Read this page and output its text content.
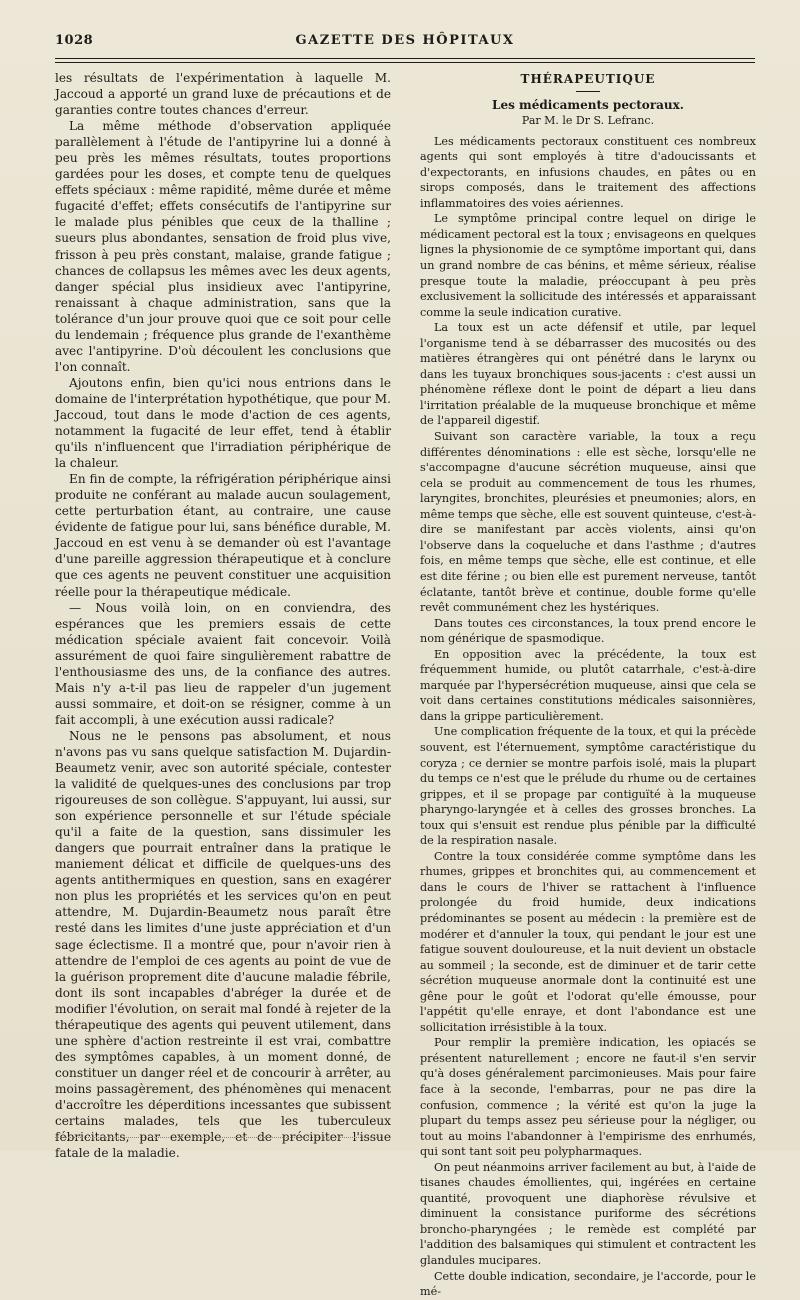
1028	GAZETTE DES HÔPITAUX

les résultats de l'expérimentation à laquelle M. Jaccoud a apporté un grand luxe de précautions et de garanties contre toutes chances d'erreur.

La même méthode d'observation appliquée parallèlement à l'étude de l'antipyrine lui a donné à peu près les mêmes résultats, toutes proportions gardées pour les doses, et compte tenu de quelques effets spéciaux : même rapidité, même durée et même fugacité d'effet; effets consécutifs de l'antipyrine sur le malade plus pénibles que ceux de la thalline ; sueurs plus abondantes, sensation de froid plus vive, frisson à peu près constant, malaise, grande fatigue ; chances de collapsus les mêmes avec les deux agents, danger spécial plus insidieux avec l'antipyrine, renaissant à chaque administration, sans que la tolérance d'un jour prouve quoi que ce soit pour celle du lendemain ; fréquence plus grande de l'exanthème avec l'antipyrine. D'où découlent les conclusions que l'on connaît.

Ajoutons enfin, bien qu'ici nous entrions dans le domaine de l'interprétation hypothétique, que pour M. Jaccoud, tout dans le mode d'action de ces agents, notamment la fugacité de leur effet, tend à établir qu'ils n'influencent que l'irradiation périphérique de la chaleur.

En fin de compte, la réfrigération périphérique ainsi produite ne conférant au malade aucun soulagement, cette perturbation étant, au contraire, une cause évidente de fatigue pour lui, sans bénéfice durable, M. Jaccoud en est venu à se demander où est l'avantage d'une pareille aggression thérapeutique et à conclure que ces agents ne peuvent constituer une acquisition réelle pour la thérapeutique médicale.

— Nous voilà loin, on en conviendra, des espérances que les premiers essais de cette médication spéciale avaient fait concevoir. Voilà assurément de quoi faire singulièrement rabattre de l'enthousiasme des uns, de la confiance des autres. Mais n'y a-t-il pas lieu de rappeler d'un jugement aussi sommaire, et doit-on se résigner, comme à un fait accompli, à une exécution aussi radicale?

Nous ne le pensons pas absolument, et nous n'avons pas vu sans quelque satisfaction M. Dujardin-Beaumetz venir, avec son autorité spéciale, contester la validité de quelques-unes des conclusions par trop rigoureuses de son collègue. S'appuyant, lui aussi, sur son expérience personnelle et sur l'étude spéciale qu'il a faite de la question, sans dissimuler les dangers que pourrait entraîner dans la pratique le maniement délicat et difficile de quelques-uns des agents antithermiques en question, sans en exagérer non plus les propriétés et les services qu'on en peut attendre, M. Dujardin-Beaumetz nous paraît être resté dans les limites d'une juste appréciation et d'un sage éclectisme. Il a montré que, pour n'avoir rien à attendre de l'emploi de ces agents au point de vue de la guérison proprement dite d'aucune maladie fébrile, dont ils sont incapables d'abréger la durée et de modifier l'évolution, on serait mal fondé à rejeter de la thérapeutique des agents qui peuvent utilement, dans une sphère d'action restreinte il est vrai, combattre des symptômes capables, à un moment donné, de constituer un danger réel et de concourir à arrêter, au moins passagèrement, des phénomènes qui menacent d'accroître les déperditions incessantes que subissent certains malades, tels que les tuberculeux fébricitants, par exemple, et de précipiter l'issue fatale de la maladie.

THÉRAPEUTIQUE
Les médicaments pectoraux.
Par M. le Dr S. Lefranc.

Les médicaments pectoraux constituent ces nombreux agents qui sont employés à titre d'adoucissants et d'expectorants, en infusions chaudes, en pâtes ou en sirops composés, dans le traitement des affections inflammatoires des voies aériennes.

Le symptôme principal contre lequel on dirige le médicament pectoral est la toux ; envisageons en quelques lignes la physionomie de ce symptôme important qui, dans un grand nombre de cas bénins, et même sérieux, réalise presque toute la maladie, préoccupant à peu près exclusivement la sollicitude des intéressés et apparaissant comme la seule indication curative.

La toux est un acte défensif et utile, par lequel l'organisme tend à se débarrasser des mucosités ou des matières étrangères qui ont pénétré dans le larynx ou dans les tuyaux bronchiques sous-jacents : c'est aussi un phénomène réflexe dont le point de départ a lieu dans l'irritation préalable de la muqueuse bronchique et même de l'appareil digestif.

Suivant son caractère variable, la toux a reçu différentes dénominations : elle est sèche, lorsqu'elle ne s'accompagne d'aucune sécrétion muqueuse, ainsi que cela se produit au commencement de tous les rhumes, laryngites, bronchites, pleurésies et pneumonies; alors, en même temps que sèche, elle est souvent quinteuse, c'est-à-dire se manifestant par accès violents, ainsi qu'on l'observe dans la coqueluche et dans l'asthme ; d'autres fois, en même temps que sèche, elle est continue, et elle est dite férine ; ou bien elle est purement nerveuse, tantôt éclatante, tantôt brève et continue, double forme qu'elle revêt communément chez les hystériques.

Dans toutes ces circonstances, la toux prend encore le nom générique de spasmodique.

En opposition avec la précédente, la toux est fréquemment humide, ou plutôt catarrhale, c'est-à-dire marquée par l'hypersécrétion muqueuse, ainsi que cela se voit dans certaines constitutions médicales saisonnières, dans la grippe particulièrement.

Une complication fréquente de la toux, et qui la précède souvent, est l'éternuement, symptôme caractéristique du coryza ; ce dernier se montre parfois isolé, mais la plupart du temps ce n'est que le prélude du rhume ou de certaines grippes, et il se propage par contiguïté à la muqueuse pharyngo-laryngée et à celles des grosses bronches. La toux qui s'ensuit est rendue plus pénible par la difficulté de la respiration nasale.

Contre la toux considérée comme symptôme dans les rhumes, grippes et bronchites qui, au commencement et dans le cours de l'hiver se rattachent à l'influence prolongée du froid humide, deux indications prédominantes se posent au médecin : la première est de modérer et d'annuler la toux, qui pendant le jour est une fatigue souvent douloureuse, et la nuit devient un obstacle au sommeil ; la seconde, est de diminuer et de tarir cette sécrétion muqueuse anormale dont la continuité est une gêne pour le goût et l'odorat qu'elle émousse, pour l'appétit qu'elle enraye, et dont l'abondance est une sollicitation irrésistible à la toux.

Pour remplir la première indication, les opiacés se présentent naturellement ; encore ne faut-il s'en servir qu'à doses généralement parcimonieuses. Mais pour faire face à la seconde, l'embarras, pour ne pas dire la confusion, commence ; la vérité est qu'on la juge la plupart du temps assez peu sérieuse pour la négliger, ou tout au moins l'abandonner à l'empirisme des enrhumés, qui sont tant soit peu polypharmaques.

On peut néanmoins arriver facilement au but, à l'aide de tisanes chaudes émollientes, qui, ingérées en certaine quantité, provoquent une diaphorèse révulsive et diminuent la consistance puriforme des sécrétions broncho-pharyngées ; le remède est complété par l'addition des balsamiques qui stimulent et contractent les glandules mucipares.

Cette double indication, secondaire, je l'accorde, pour le mé-
